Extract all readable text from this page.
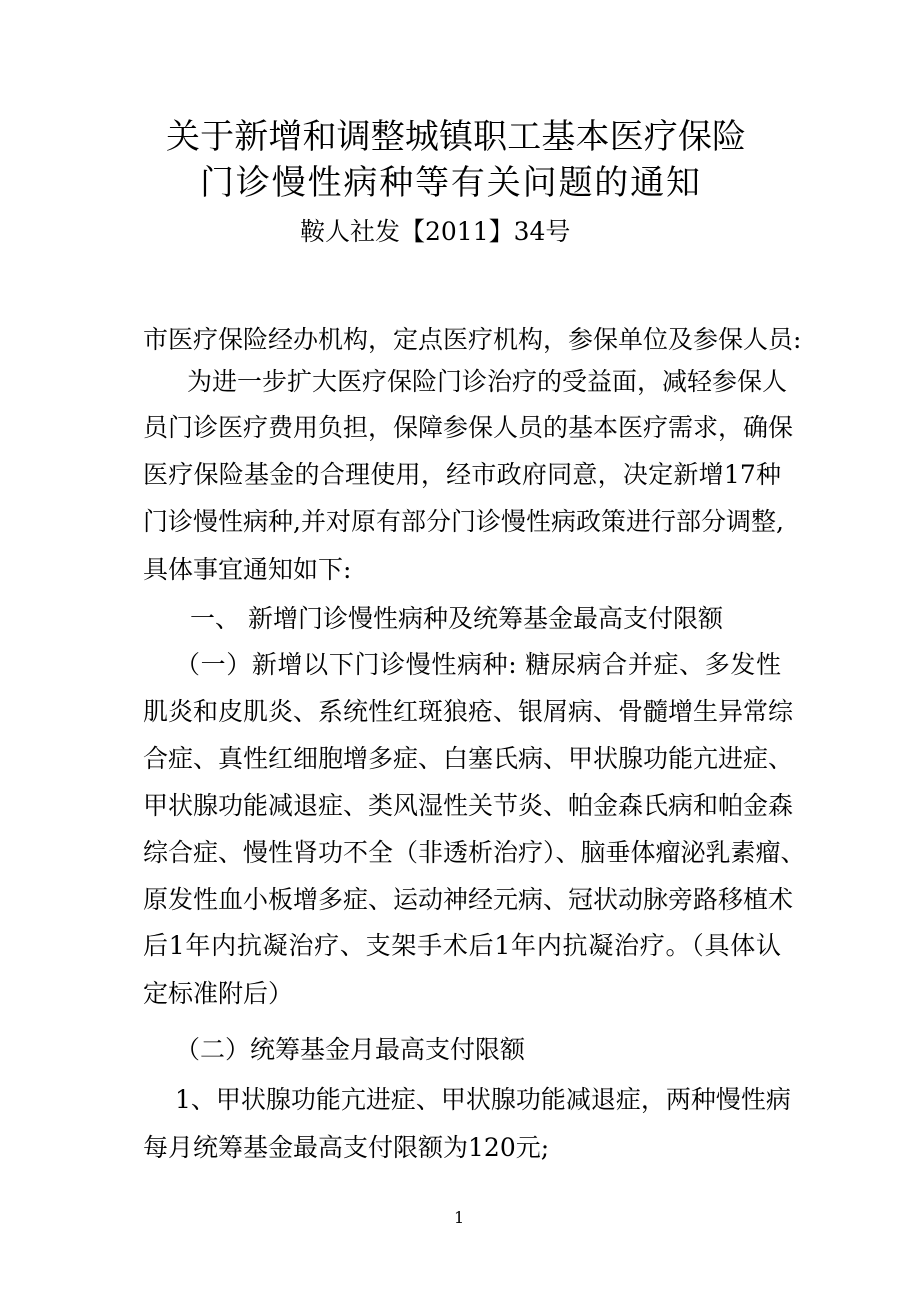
关于新增和调整城镇职工基本医疗保险
门诊慢性病种等有关问题的通知
鞍人社发【2011】34号
市医疗保险经办机构，定点医疗机构，参保单位及参保人员:
为进一步扩大医疗保险门诊治疗的受益面，减轻参保人
员门诊医疗费用负担，保障参保人员的基本医疗需求，确保
医疗保险基金的合理使用，经市政府同意，决定新增17种
门诊慢性病种,并对原有部分门诊慢性病政策进行部分调整,
具体事宜通知如下:
一、 新增门诊慢性病种及统筹基金最高支付限额
（一）新增以下门诊慢性病种: 糖尿病合并症、多发性
肌炎和皮肌炎、系统性红斑狼疮、银屑病、骨髓增生异常综
合症、真性红细胞增多症、白塞氏病、甲状腺功能亢进症、
甲状腺功能减退症、类风湿性关节炎、帕金森氏病和帕金森
综合症、慢性肾功不全（非透析治疗）、脑垂体瘤泌乳素瘤、
原发性血小板增多症、运动神经元病、冠状动脉旁路移植术
后1年内抗凝治疗、支架手术后1年内抗凝治疗。（具体认
定标准附后）
（二）统筹基金月最高支付限额
1、甲状腺功能亢进症、甲状腺功能减退症，两种慢性病
每月统筹基金最高支付限额为120元;
1
